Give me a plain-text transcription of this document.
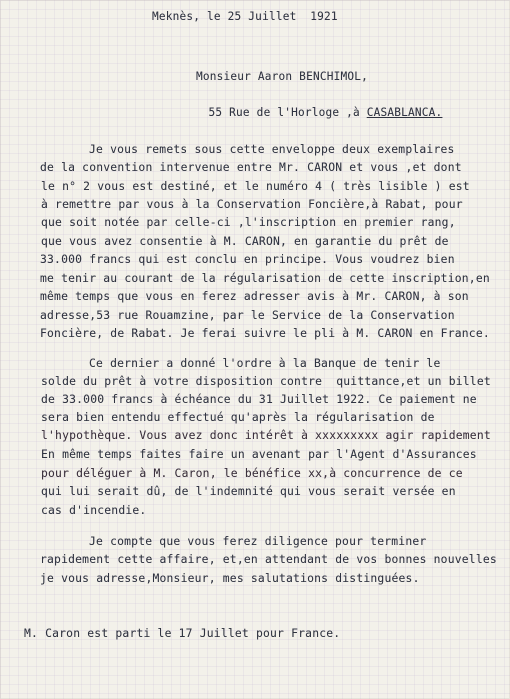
Meknès, le 25 Juillet  1921
Monsieur Aaron BENCHIMOL,

55 Rue de l'Horloge ,à CASABLANCA.

Je vous remets sous cette enveloppe deux exemplaires
de la convention intervenue entre Mr. CARON et vous ,et dont
le n° 2 vous est destiné, et le numéro 4 ( très lisible ) est
à remettre par vous à la Conservation Foncière,à Rabat, pour
que soit notée par celle-ci ,l'inscription en premier rang,
que vous avez consentie à M. CARON, en garantie du prêt de
33.000 francs qui est conclu en principe. Vous voudrez bien
me tenir au courant de la régularisation de cette inscription,en
même temps que vous en ferez adresser avis à Mr. CARON, à son
adresse,53 rue Rouamzine, par le Service de la Conservation
Foncière, de Rabat. Je ferai suivre le pli à M. CARON en France.
Ce dernier a donné l'ordre à la Banque de tenir le
solde du prêt à votre disposition contre  quittance,et un billet
de 33.000 francs à échéance du 31 Juillet 1922. Ce paiement ne
sera bien entendu effectué qu'après la régularisation de
l'hypothèque. Vous avez donc intérêt à xxxxxxxxx agir rapidement
En même temps faites faire un avenant par l'Agent d'Assurances
pour déléguer à M. Caron, le bénéfice xx,à concurrence de ce
qui lui serait dû, de l'indemnité qui vous serait versée en
cas d'incendie.
Je compte que vous ferez diligence pour terminer
rapidement cette affaire, et,en attendant de vos bonnes nouvelles
je vous adresse,Monsieur, mes salutations distinguées.
M. Caron est parti le 17 Juillet pour France.
